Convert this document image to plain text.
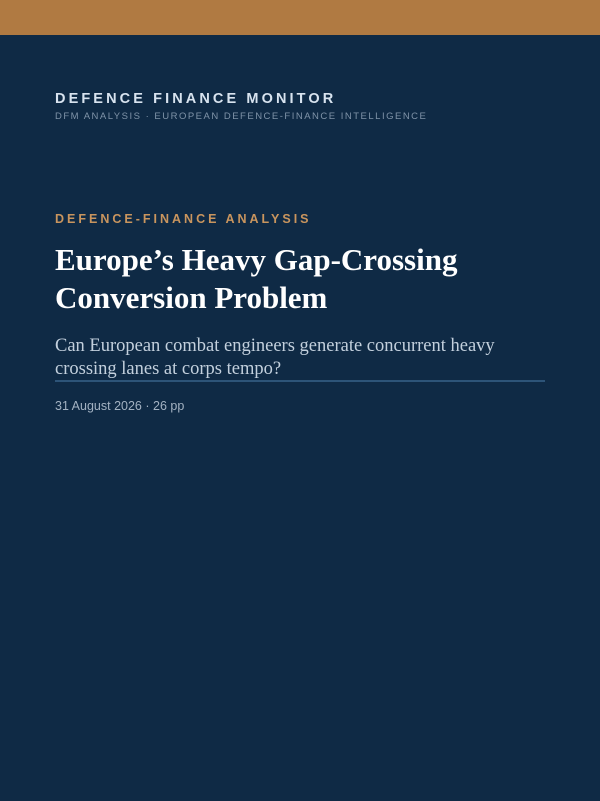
DEFENCE FINANCE MONITOR
DFM ANALYSIS · EUROPEAN DEFENCE-FINANCE INTELLIGENCE
DEFENCE-FINANCE ANALYSIS
Europe’s Heavy Gap-Crossing Conversion Problem

Can European combat engineers generate concurrent heavy crossing lanes at corps tempo?

31 August 2026 · 26 pp
